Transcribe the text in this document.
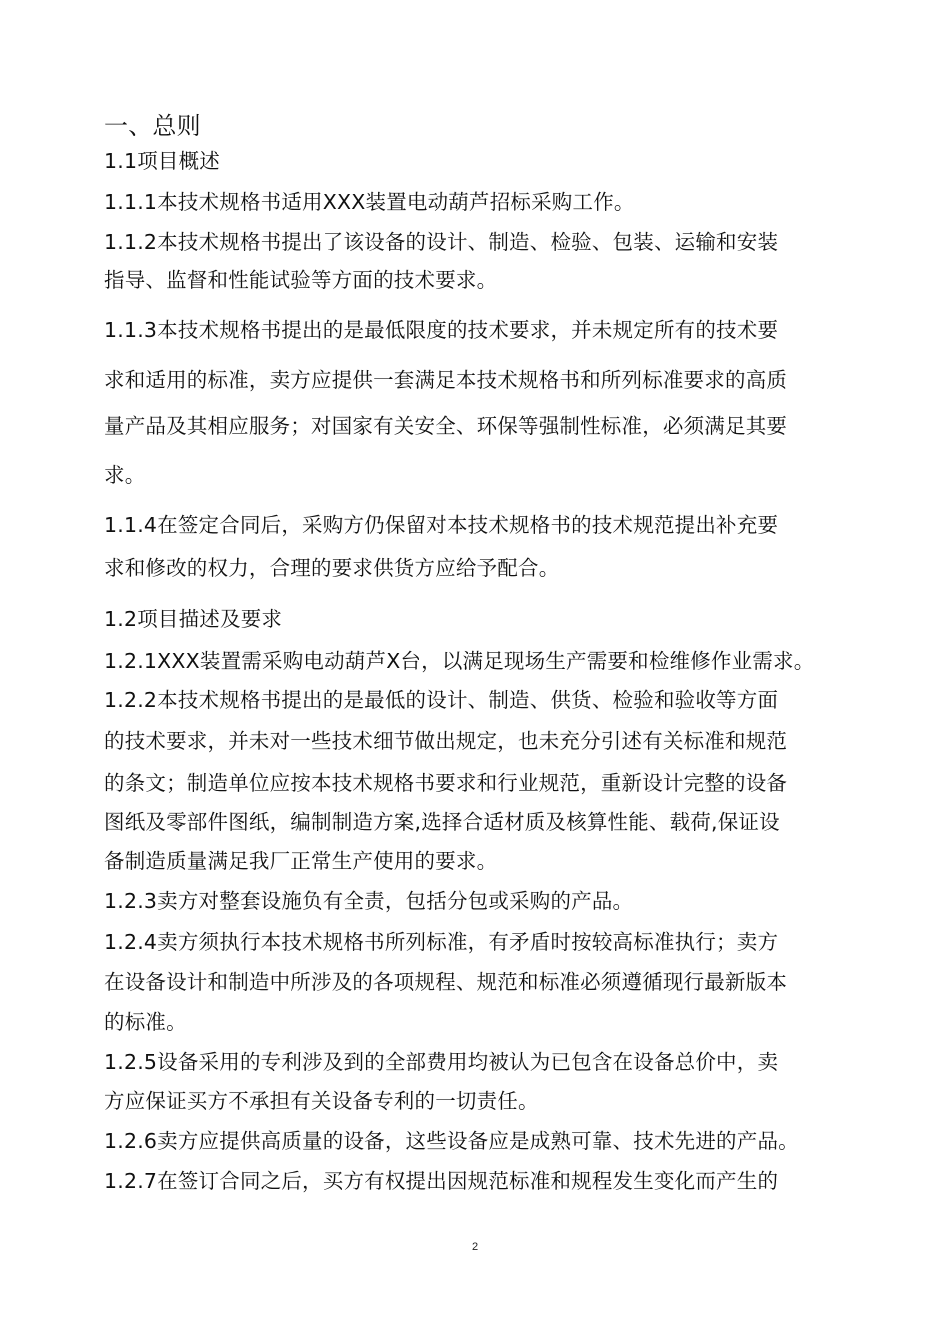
一、总则
1.1项目概述
1.1.1本技术规格书适用XXX装置电动葫芦招标采购工作。
1.1.2本技术规格书提出了该设备的设计、制造、检验、包装、运输和安装
指导、监督和性能试验等方面的技术要求。
1.1.3本技术规格书提出的是最低限度的技术要求，并未规定所有的技术要
求和适用的标准，卖方应提供一套满足本技术规格书和所列标准要求的高质
量产品及其相应服务；对国家有关安全、环保等强制性标准，必须满足其要
求。
1.1.4在签定合同后，采购方仍保留对本技术规格书的技术规范提出补充要
求和修改的权力，合理的要求供货方应给予配合。
1.2项目描述及要求
1.2.1XXX装置需采购电动葫芦X台，以满足现场生产需要和检维修作业需求。
1.2.2本技术规格书提出的是最低的设计、制造、供货、检验和验收等方面
的技术要求，并未对一些技术细节做出规定，也未充分引述有关标准和规范
的条文；制造单位应按本技术规格书要求和行业规范，重新设计完整的设备
图纸及零部件图纸，编制制造方案,选择合适材质及核算性能、载荷,保证设
备制造质量满足我厂正常生产使用的要求。
1.2.3卖方对整套设施负有全责，包括分包或采购的产品。
1.2.4卖方须执行本技术规格书所列标准，有矛盾时按较高标准执行；卖方
在设备设计和制造中所涉及的各项规程、规范和标准必须遵循现行最新版本
的标准。
1.2.5设备采用的专利涉及到的全部费用均被认为已包含在设备总价中，卖
方应保证买方不承担有关设备专利的一切责任。
1.2.6卖方应提供高质量的设备，这些设备应是成熟可靠、技术先进的产品。
1.2.7在签订合同之后，买方有权提出因规范标准和规程发生变化而产生的
2
